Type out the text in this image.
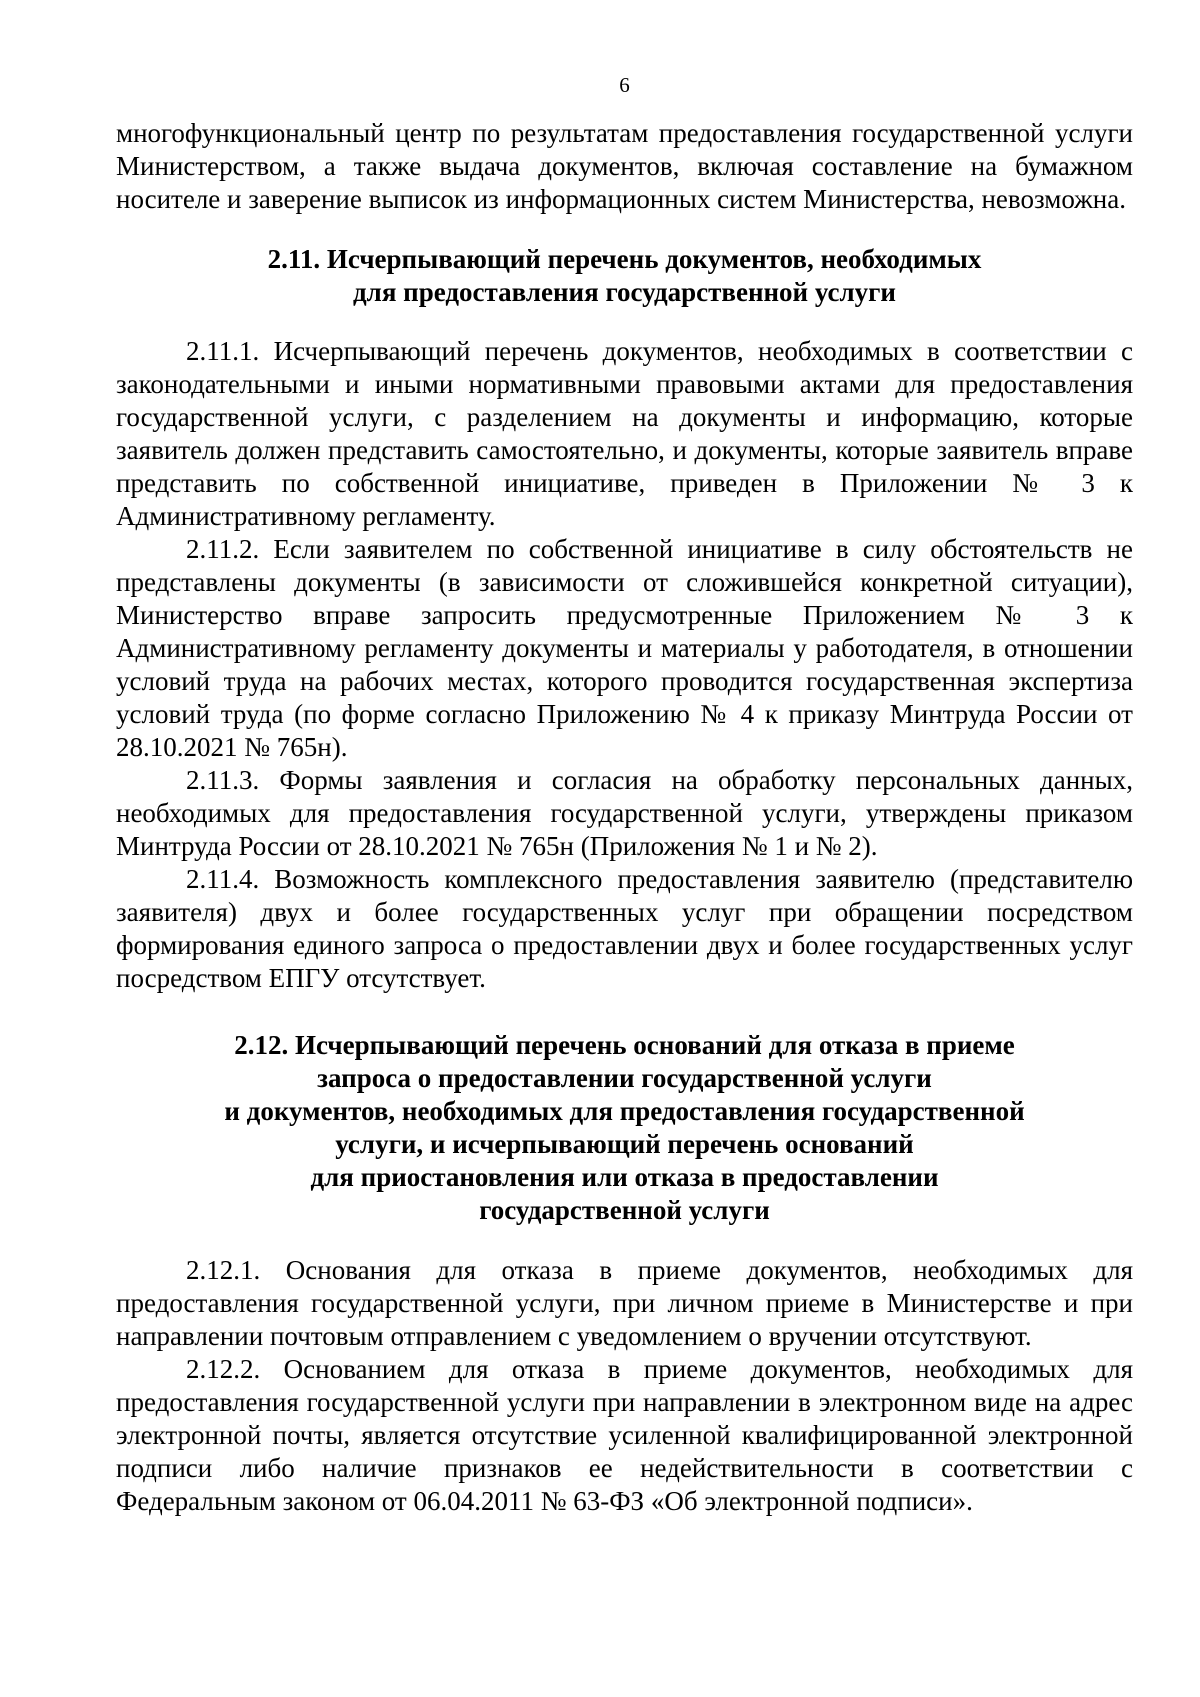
6

многофункциональный центр по результатам предоставления государственной услуги Министерством, а также выдача документов, включая составление на бумажном носителе и заверение выписок из информационных систем Министерства, невозможна.

2.11. Исчерпывающий перечень документов, необходимых
для предоставления государственной услуги

2.11.1. Исчерпывающий перечень документов, необходимых в соответствии с законодательными и иными нормативными правовыми актами для предоставления государственной услуги, с разделением на документы и информацию, которые заявитель должен представить самостоятельно, и документы, которые заявитель вправе представить по собственной инициативе, приведен в Приложении № 3 к Административному регламенту.

2.11.2. Если заявителем по собственной инициативе в силу обстоятельств не представлены документы (в зависимости от сложившейся конкретной ситуации), Министерство вправе запросить предусмотренные Приложением № 3 к Административному регламенту документы и материалы у работодателя, в отношении условий труда на рабочих местах, которого проводится государственная экспертиза условий труда (по форме согласно Приложению № 4 к приказу Минтруда России от 28.10.2021 № 765н).

2.11.3. Формы заявления и согласия на обработку персональных данных, необходимых для предоставления государственной услуги, утверждены приказом Минтруда России от 28.10.2021 № 765н (Приложения № 1 и № 2).

2.11.4. Возможность комплексного предоставления заявителю (представителю заявителя) двух и более государственных услуг при обращении посредством формирования единого запроса о предоставлении двух и более государственных услуг посредством ЕПГУ отсутствует.

2.12. Исчерпывающий перечень оснований для отказа в приеме
запроса о предоставлении государственной услуги
и документов, необходимых для предоставления государственной
услуги, и исчерпывающий перечень оснований
для приостановления или отказа в предоставлении
государственной услуги

2.12.1. Основания для отказа в приеме документов, необходимых для предоставления государственной услуги, при личном приеме в Министерстве и при направлении почтовым отправлением с уведомлением о вручении отсутствуют.

2.12.2. Основанием для отказа в приеме документов, необходимых для предоставления государственной услуги при направлении в электронном виде на адрес электронной почты, является отсутствие усиленной квалифицированной электронной подписи либо наличие признаков ее недействительности в соответствии с Федеральным законом от 06.04.2011 № 63-ФЗ «Об электронной подписи».
